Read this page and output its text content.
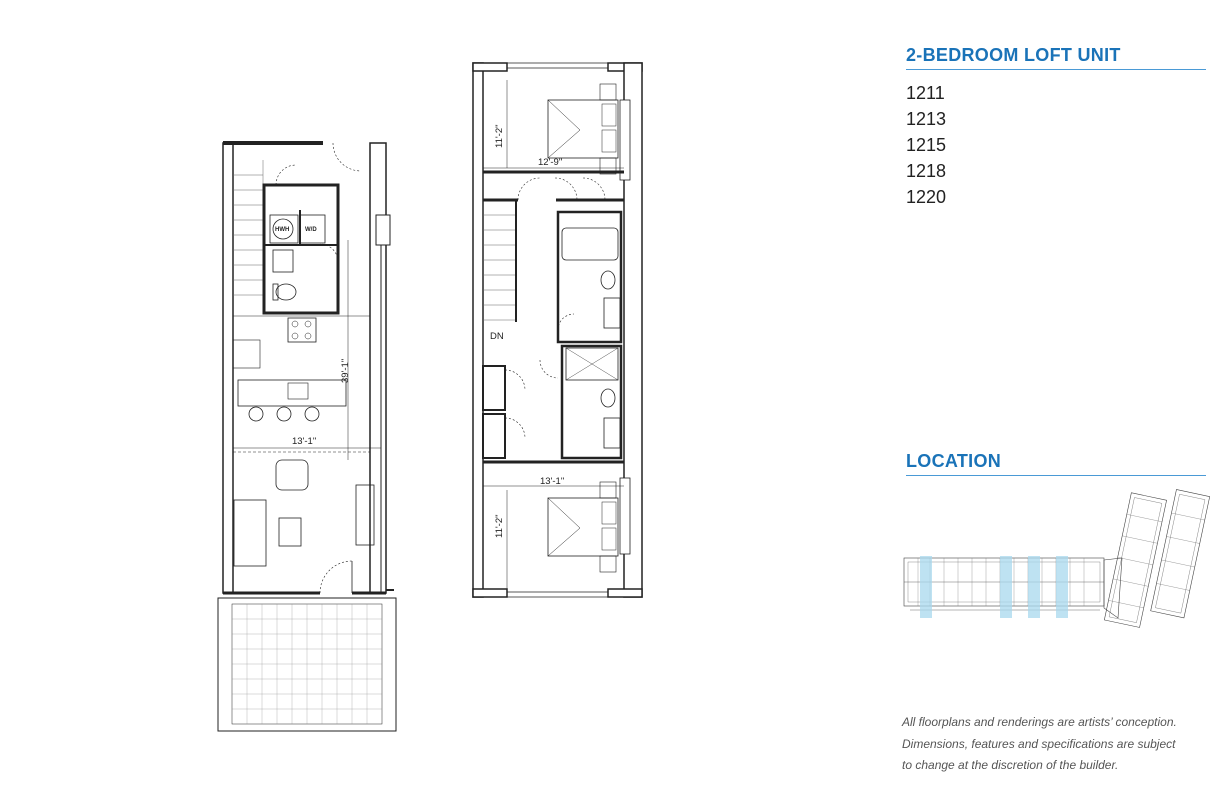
HWH	W/D
39'-1"
13'-1"
11'-2"
12'-9"
DN
13'-1"
11'-2"
2-BEDROOM LOFT UNIT
1211
1213
1215
1218
1220
LOCATION
All floorplans and renderings are artists’ conception.
Dimensions, features and specifications are subject
to change at the discretion of the builder.
